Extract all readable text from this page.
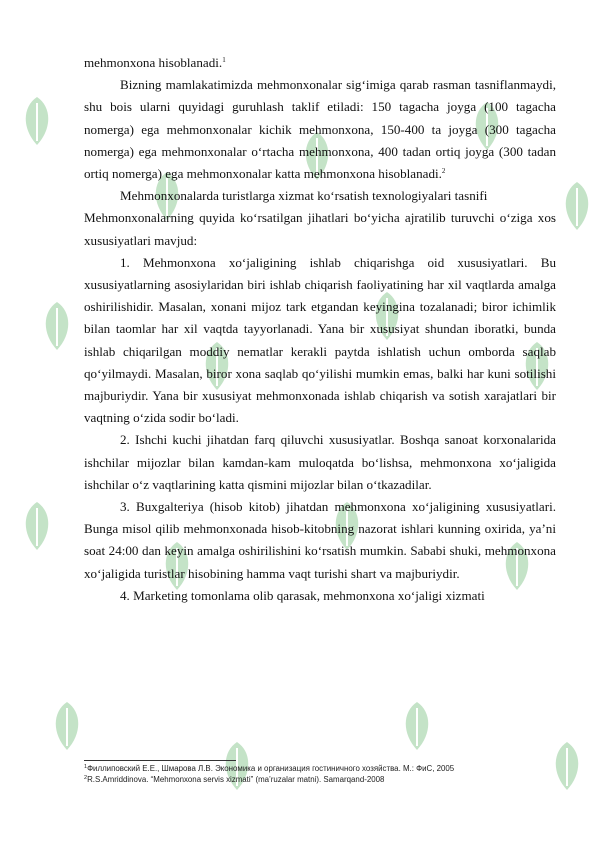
mehmonxona hisoblanadi.$^1$

Bizning mamlakatimizda mehmonxonalar sig‘imiga qarab rasman tasniflanmaydi, shu bois ularni quyidagi guruhlash taklif etiladi: 150 tagacha joyga (100 tagacha nomerga) ega mehmonxonalar kichik mehmonxona, 150-400 ta joyga (300 tagacha nomerga) ega mehmonxonalar o‘rtacha mehmonxona, 400 tadan ortiq joyga (300 tadan ortiq nomerga) ega mehmonxonalar katta mehmonxona hisoblanadi.$^2$

Mehmonxonalarda turistlarga xizmat ko‘rsatish texnologiyalari tasnifi

Mehmonxonalarning quyida ko‘rsatilgan jihatlari bo‘yicha ajratilib turuvchi o‘ziga xos xususiyatlari mavjud:

1. Mehmonxona xo‘jaligining ishlab chiqarishga oid xususiyatlari. Bu xususiyatlarning asosiylaridan biri ishlab chiqarish faoliyatining har xil vaqtlarda amalga oshirilishidir. Masalan, xonani mijoz tark etgandan keyingina tozalanadi; biror ichimlik bilan taomlar har xil vaqtda tayyorlanadi. Yana bir xususiyat shundan iboratki, bunda ishlab chiqarilgan moddiy nematlar kerakli paytda ishlatish uchun omborda saqlab qo‘yilmaydi. Masalan, biror xona saqlab qo‘yilishi mumkin emas, balki har kuni sotilishi majburiydir. Yana bir xususiyat mehmonxonada ishlab chiqarish va sotish xarajatlari bir vaqtning o‘zida sodir bo‘ladi.

2. Ishchi kuchi jihatdan farq qiluvchi xususiyatlar. Boshqa sanoat korxonalarida ishchilar mijozlar bilan kamdan-kam muloqatda bo‘lishsa, mehmonxona xo‘jaligida ishchilar o‘z vaqtlarining katta qismini mijozlar bilan o‘tkazadilar.

3. Buxgalteriya (hisob kitob) jihatdan mehmonxona xo‘jaligining xususiyatlari. Bunga misol qilib mehmonxonada hisob-kitobning nazorat ishlari kunning oxirida, ya’ni soat 24:00 dan keyin amalga oshirilishini ko‘rsatish mumkin. Sababi shuki, mehmonxona xo‘jaligida turistlar hisobining hamma vaqt turishi shart va majburiydir.

4. Marketing tomonlama olib qarasak, mehmonxona xo‘jaligi xizmati

$^1$Филлиповский Е.Е., Шмарова Л.В. Экономика и организация гостиничного хозяйства. М.: ФиС, 2005
$^2$R.S.Amriddinova. “Mehmonxona servis xizmati” (ma’ruzalar matni). Samarqand-2008
